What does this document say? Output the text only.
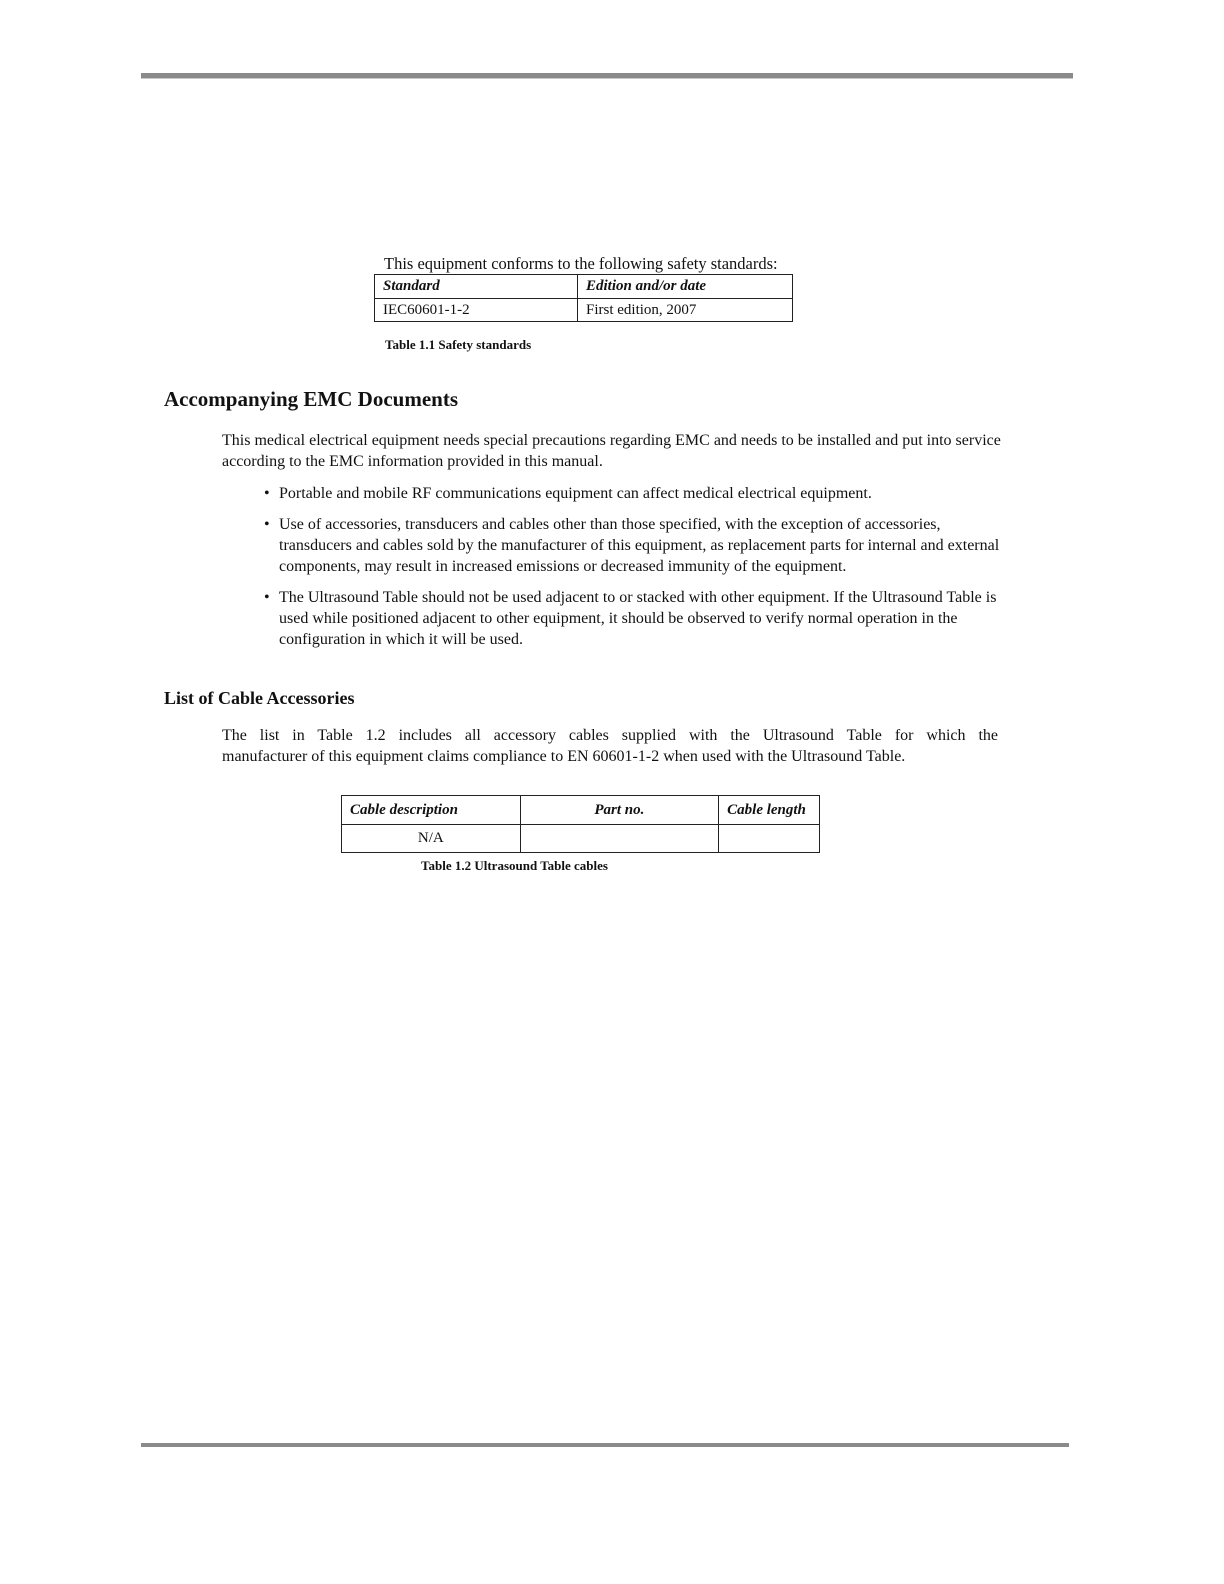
This equipment conforms to the following safety standards:
Standard	Edition and/or date
IEC60601-1-2	First edition, 2007
Table 1.1 Safety standards
Accompanying EMC Documents
This medical electrical equipment needs special precautions regarding EMC and needs to be installed and put into service according to the EMC information provided in this manual.
• Portable and mobile RF communications equipment can affect medical electrical equipment.
• Use of accessories, transducers and cables other than those specified, with the exception of accessories, transducers and cables sold by the manufacturer of this equipment, as replacement parts for internal and external components, may result in increased emissions or decreased immunity of the equipment.
• The Ultrasound Table should not be used adjacent to or stacked with other equipment. If the Ultrasound Table is used while positioned adjacent to other equipment, it should be observed to verify normal operation in the configuration in which it will be used.
List of Cable Accessories
The list in Table 1.2 includes all accessory cables supplied with the Ultrasound Table for which the
manufacturer of this equipment claims compliance to EN 60601-1-2 when used with the Ultrasound Table.
Cable description	Part no.	Cable length
N/A		
Table 1.2 Ultrasound Table cables
